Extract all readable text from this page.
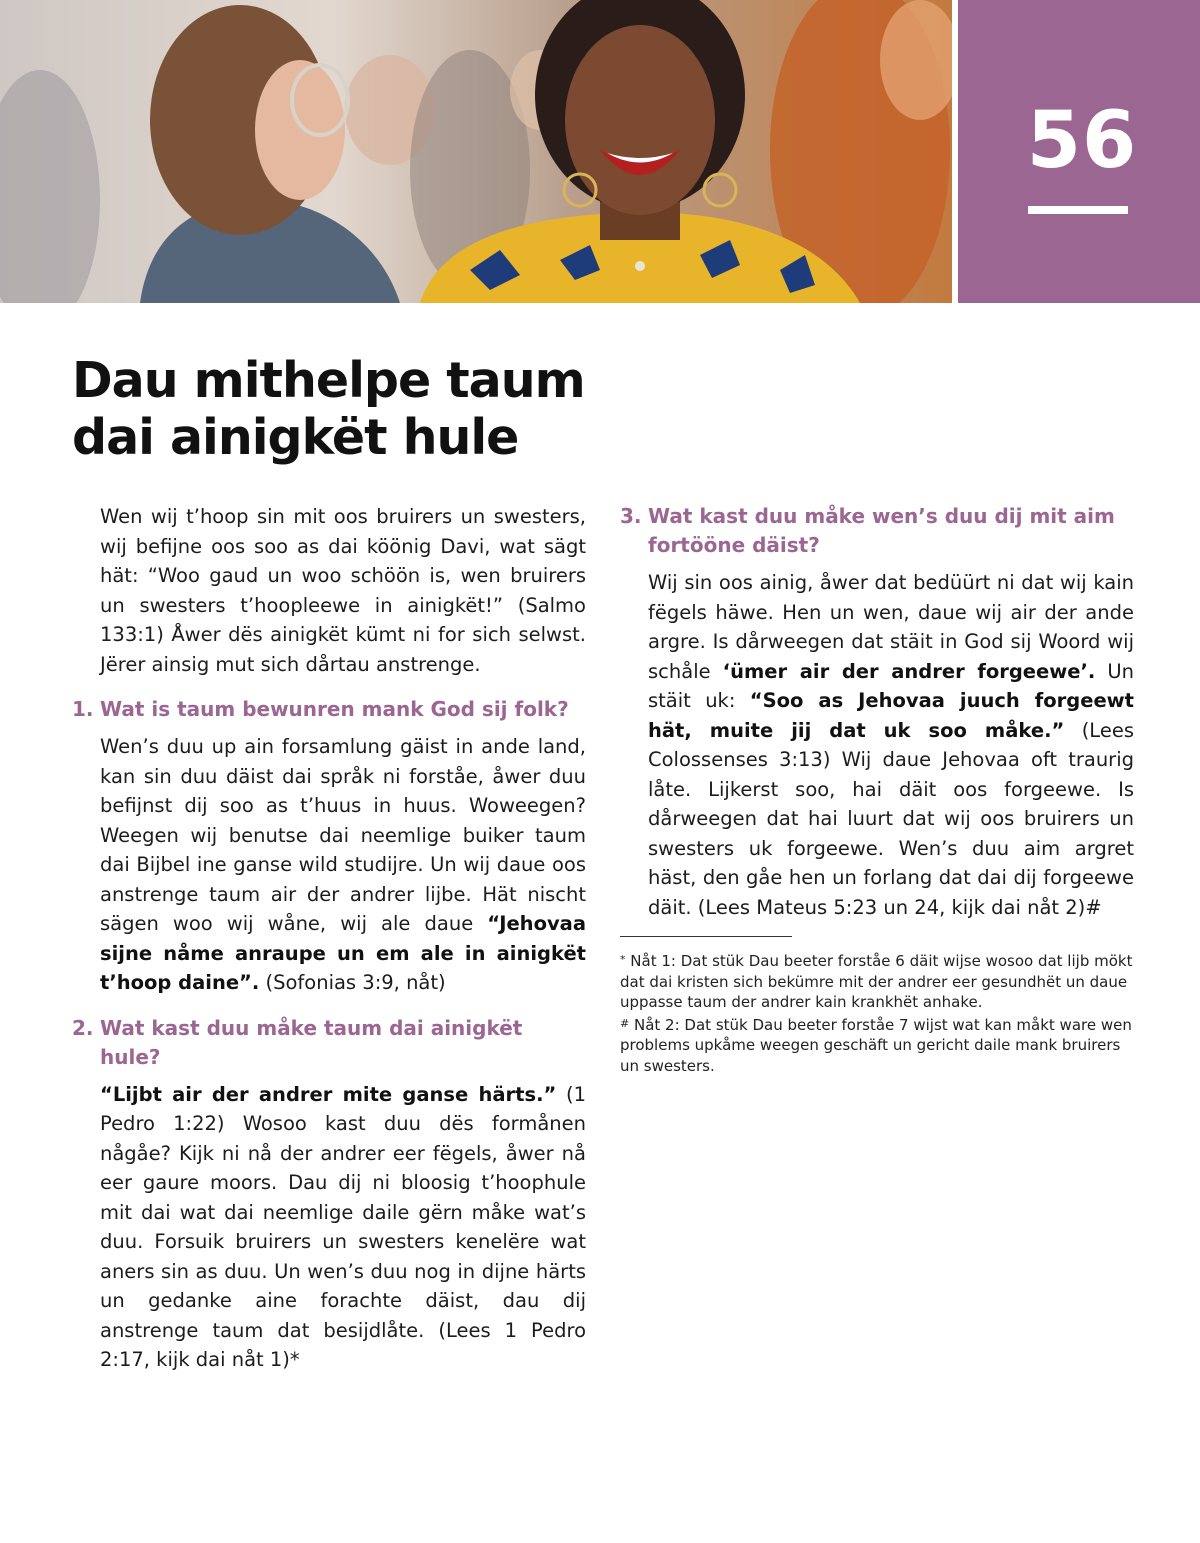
56
Dau mithelpe taum dai ainigkët hule

Wen wij t’hoop sin mit oos bruirers un swesters, wij befijne oos soo as dai köönig Davi, wat sägt hät: “Woo gaud un woo schöön is, wen bruirers un swesters t’hoopleewe in ainigkët!” (Salmo 133:1) Åwer dës ainigkët kümt ni for sich selwst. Jërer ainsig mut sich dårtau anstrenge.

1. Wat is taum bewunren mank God sij folk?

Wen’s duu up ain forsamlung gäist in ande land, kan sin duu däist dai språk ni forståe, åwer duu befijnst dij soo as t’huus in huus. Woweegen? Weegen wij benutse dai neemlige buiker taum dai Bijbel ine ganse wild studijre. Un wij daue oos anstrenge taum air der andrer lijbe. Hät nischt sägen woo wij wåne, wij ale daue “Jehovaa sijne nåme anraupe un em ale in ainigkët t’hoop daine”. (Sofonias 3:9, nåt)

2. Wat kast duu måke taum dai ainigkët hule?

“Lijbt air der andrer mite ganse härts.” (1 Pedro 1:22) Wosoo kast duu dës formånen någåe? Kijk ni nå der andrer eer fëgels, åwer nå eer gaure moors. Dau dij ni bloosig t’hoophule mit dai wat dai neemlige daile gërn måke wat’s duu. Forsuik bruirers un swesters kenelëre wat aners sin as duu. Un wen’s duu nog in dijne härts un gedanke aine forachte däist, dau dij anstrenge taum dat besijdlåte. (Lees 1 Pedro 2:17, kijk dai nåt 1)*

3. Wat kast duu måke wen’s duu dij mit aim fortööne däist?

Wij sin oos ainig, åwer dat bedüürt ni dat wij kain fëgels häwe. Hen un wen, daue wij air der ande argre. Is dårweegen dat stäit in God sij Woord wij schåle ‘ümer air der andrer forgeewe’. Un stäit uk: “Soo as Jehovaa juuch forgeewt hät, muite jij dat uk soo måke.” (Lees Colossenses 3:13) Wij daue Jehovaa oft traurig låte. Lijkerst soo, hai däit oos forgeewe. Is dårweegen dat hai luurt dat wij oos bruirers un swesters uk forgeewe. Wen’s duu aim argret häst, den gåe hen un forlang dat dai dij forgeewe däit. (Lees Mateus 5:23 un 24, kijk dai nåt 2)#

* Nåt 1: Dat stük Dau beeter forståe 6 däit wijse wosoo dat lijb mökt dat dai kristen sich bekümre mit der andrer eer gesundhët un daue uppasse taum der andrer kain krankhët anhake.

# Nåt 2: Dat stük Dau beeter forståe 7 wijst wat kan måkt ware wen problems upkåme weegen geschäft un gericht daile mank bruirers un swesters.
